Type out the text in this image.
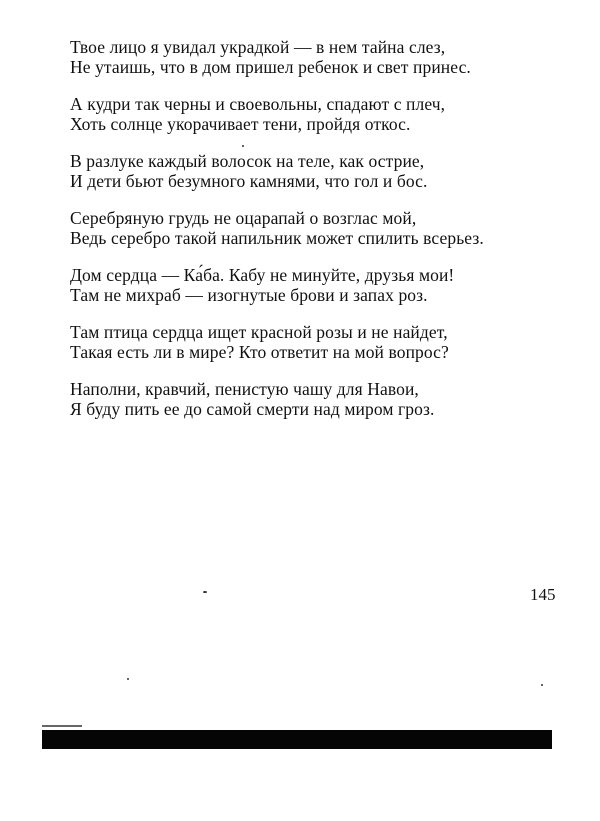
Твое лицо я увидал украдкой — в нем тайна слез,
Не утаишь, что в дом пришел ребенок и свет принес.
А кудри так черны и своевольны, спадают с плеч,
Хоть солнце укорачивает тени, пройдя откос.
В разлуке каждый волосок на теле, как острие,
И дети бьют безумного камнями, что гол и бос.
Серебряную грудь не оцарапай о возглас мой,
Ведь серебро такой напильник может спилить всерьез.
Дом сердца — Ка́ба. Кабу не минуйте, друзья мои!
Там не михраб — изогнутые брови и запах роз.
Там птица сердца ищет красной розы и не найдет,
Такая есть ли в мире? Кто ответит на мой вопрос?
Наполни, кравчий, пенистую чашу для Навои,
Я буду пить ее до самой смерти над миром гроз.
145
